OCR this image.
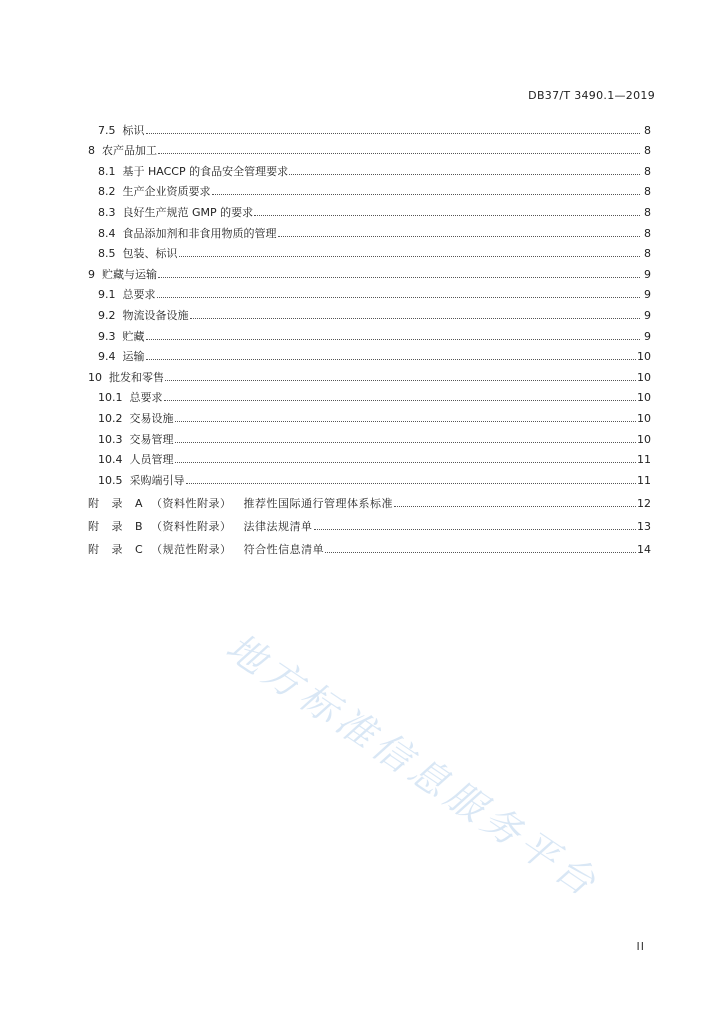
DB37/T 3490.1—2019
7.5  标识	8
8  农产品加工	8
8.1  基于 HACCP 的食品安全管理要求	8
8.2  生产企业资质要求	8
8.3  良好生产规范 GMP 的要求	8
8.4  食品添加剂和非食用物质的管理	8
8.5  包装、标识	8
9  贮藏与运输	9
9.1  总要求	9
9.2  物流设备设施	9
9.3  贮藏	9
9.4  运输	10
10  批发和零售	10
10.1  总要求	10
10.2  交易设施	10
10.3  交易管理	10
10.4  人员管理	11
10.5  采购端引导	11
附   录   A  （资料性附录）   推荐性国际通行管理体系标准	12
附   录   B  （资料性附录）   法律法规清单	13
附   录   C  （规范性附录）   符合性信息清单	14
地方标准信息服务平台
II
